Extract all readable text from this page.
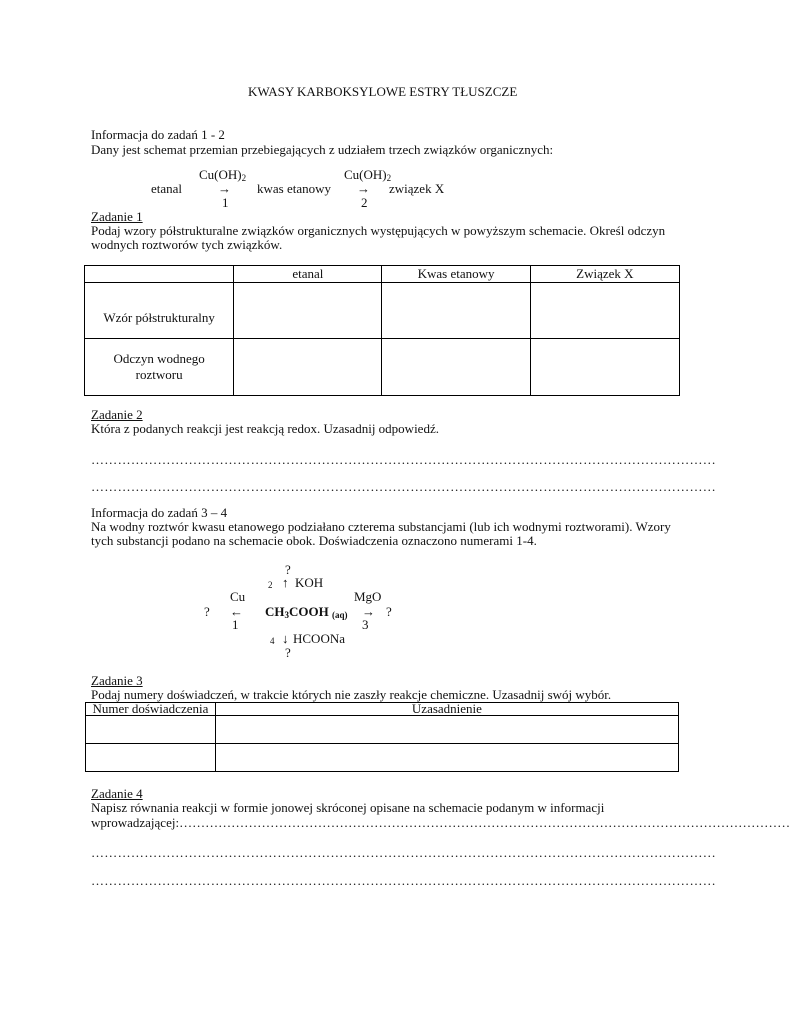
KWASY KARBOKSYLOWE ESTRY TŁUSZCZE
Informacja do zadań 1 - 2
Dany jest schemat przemian przebiegających z udziałem trzech związków organicznych:
$Cu(OH)_2$	$Cu(OH)_2$
etanal	→ kwas etanowy → związek X
1	2
Zadanie 1
Podaj wzory półstrukturalne związków organicznych występujących w powyższym schemacie. Określ odczyn
wodnych roztworów tych związków.
	etanal	Kwas etanowy	Związek X

Wzór półstrukturalny			

Odczyn wodnego
roztworu			

Zadanie 2
Która z podanych reakcji jest reakcją redox. Uzasadnij odpowiedź.
……………………………………………………………………………………………………………………………
……………………………………………………………………………………………………………………………
Informacja do zadań 3 – 4
Na wodny roztwór kwasu etanowego podziałano czterema substancjami (lub ich wodnymi roztworami). Wzory
tych substancji podano na schemacie obok. Doświadczenia oznaczono numerami 1-4.
?
2 ↑ KOH
Cu	MgO
? ← $CH_3COOH$ $_{(aq)}$ → ?
1	3
4 ↓ HCOONa
?
Zadanie 3
Podaj numery doświadczeń, w trakcie których nie zaszły reakcje chemiczne. Uzasadnij swój wybór.
Numer doświadczenia	Uzasadnienie

Zadanie 4
Napisz równania reakcji w formie jonowej skróconej opisane na schemacie podanym w informacji
wprowadzającej:……………………………………………………………………………………………………………………………
……………………………………………………………………………………………………………………………
……………………………………………………………………………………………………………………………
